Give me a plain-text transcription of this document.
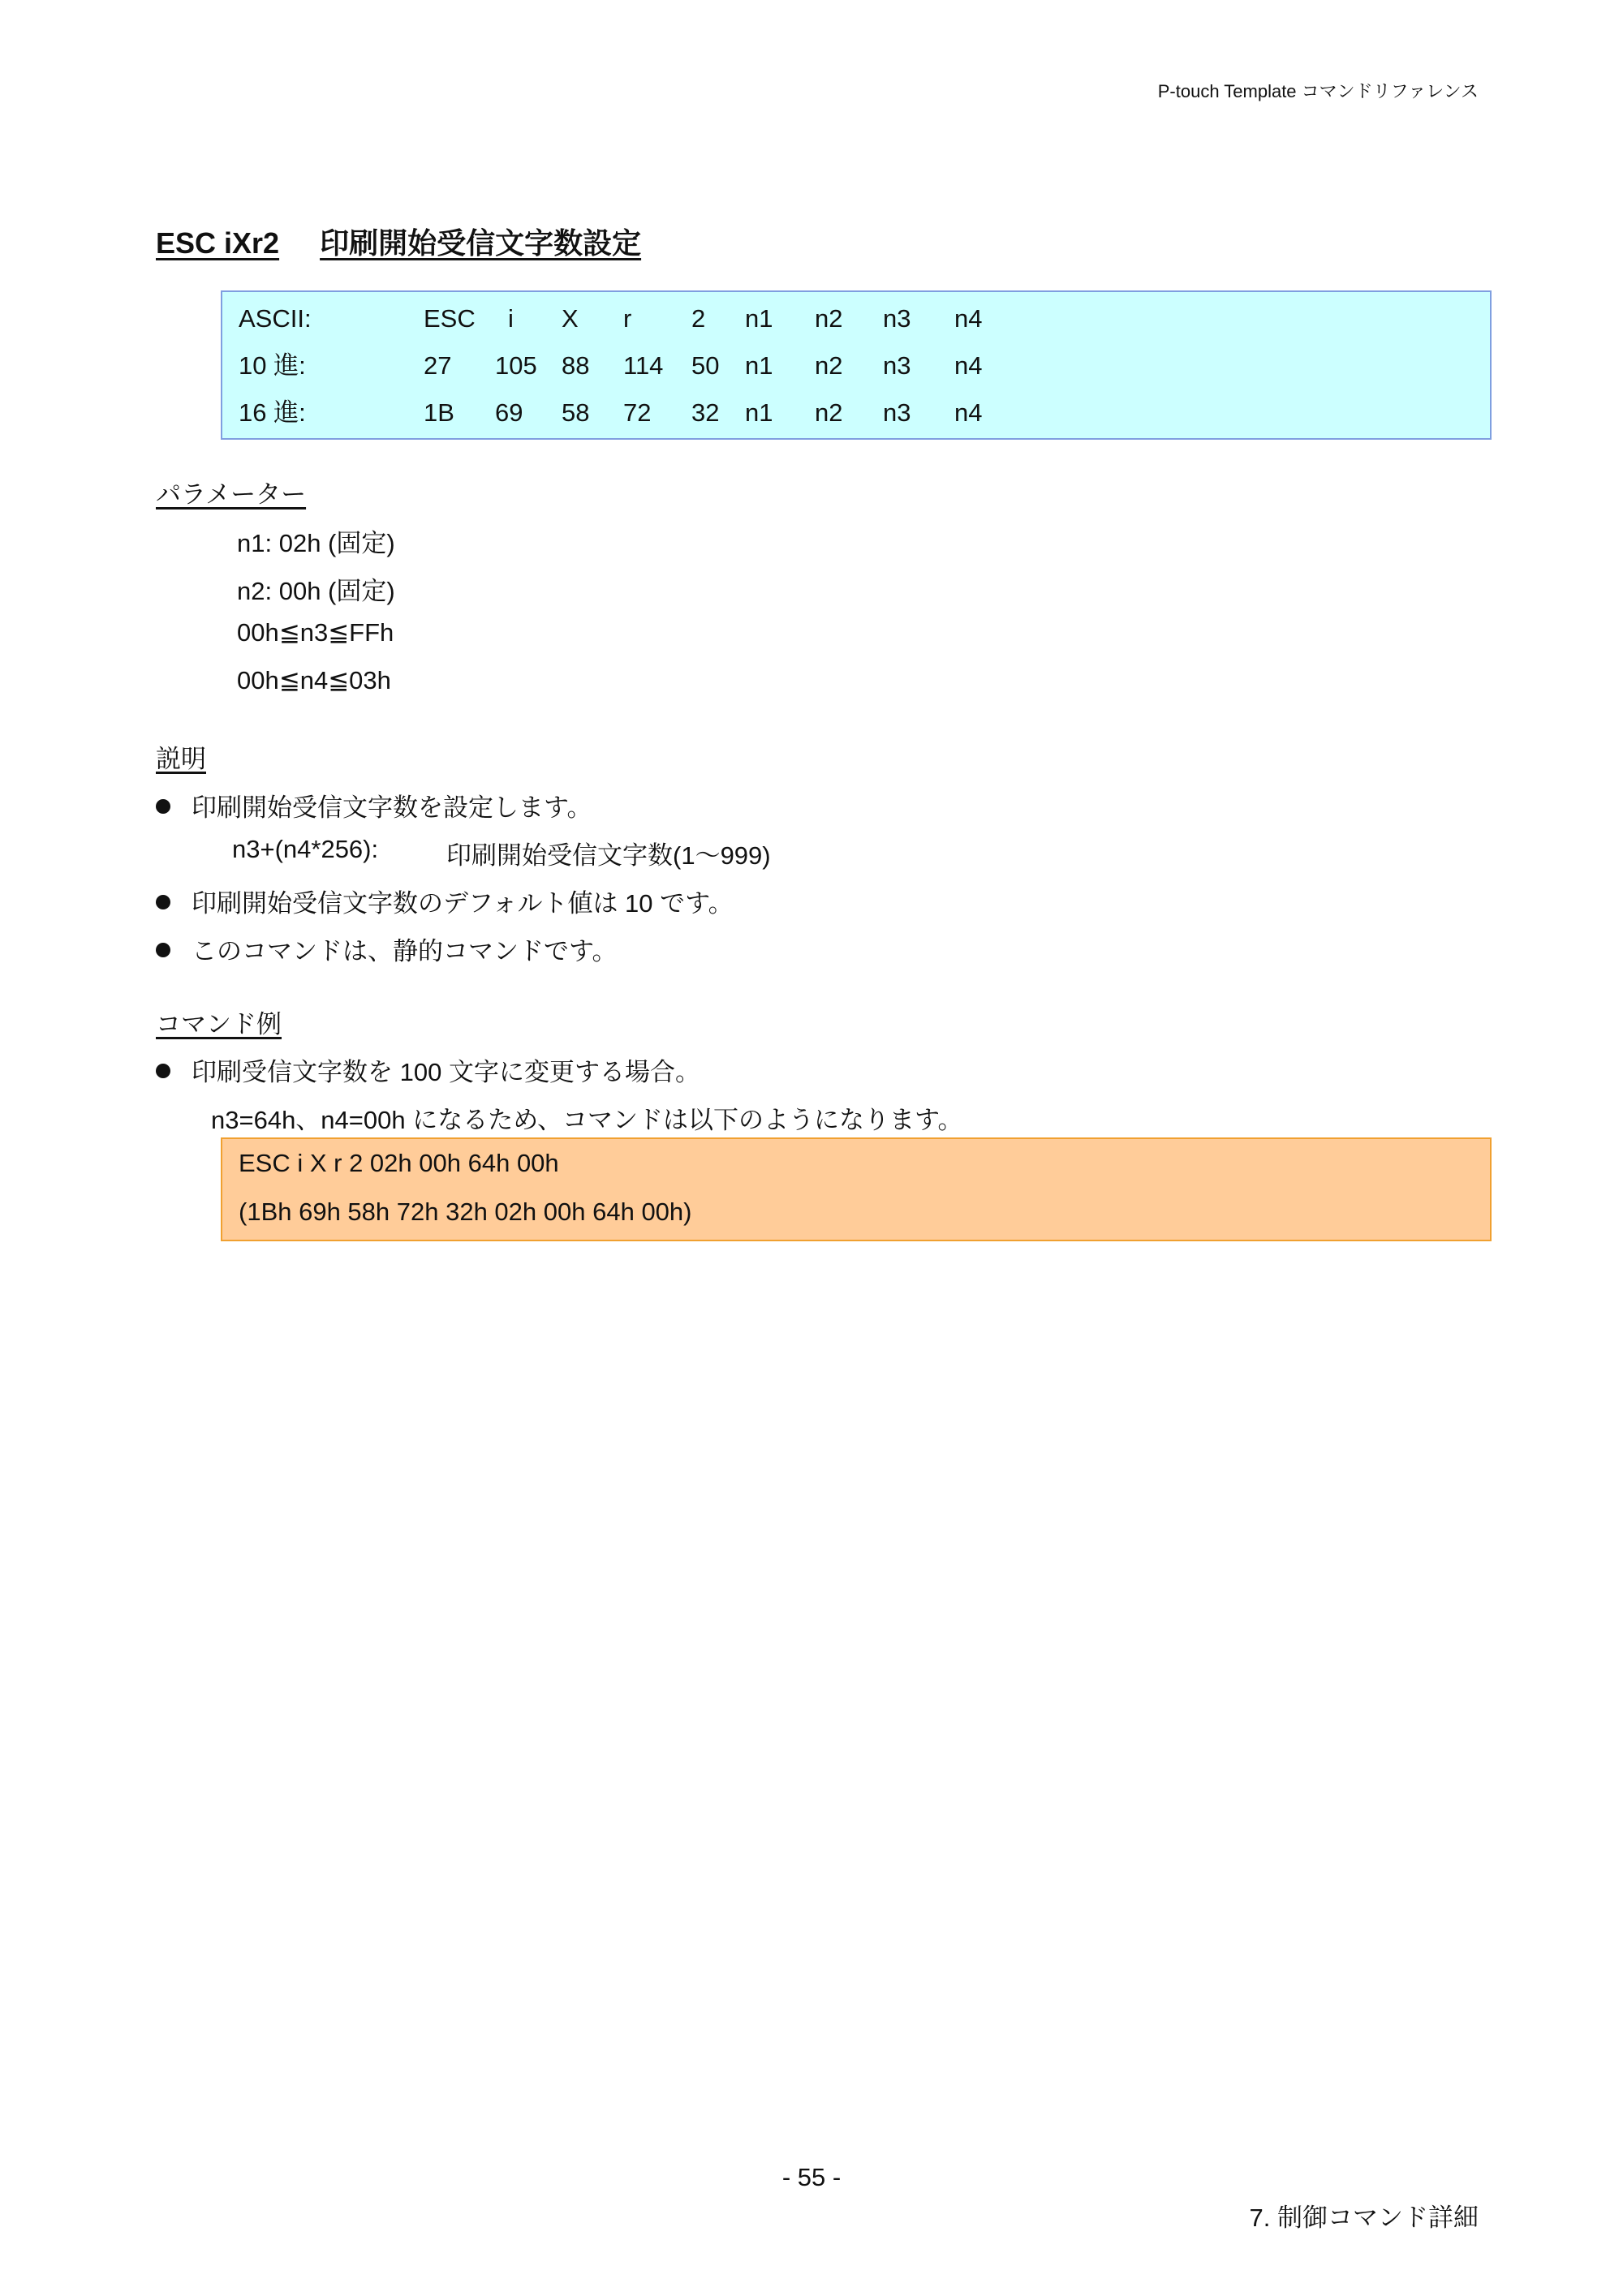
P-touch Template コマンドリファレンス
ESC iXr2 印刷開始受信文字数設定
ASCII:	ESC i X r 2 n1 n2 n3 n4
10 進:	27 105 88 114 50 n1 n2 n3 n4
16 進:	1B 69 58 72 32 n1 n2 n3 n4
パラメーター
n1: 02h (固定)
n2: 00h (固定)
00h≦n3≦FFh
00h≦n4≦03h
説明
印刷開始受信文字数を設定します。
n3+(n4*256):	印刷開始受信文字数(1～999)
印刷開始受信文字数のデフォルト値は 10 です。
このコマンドは、静的コマンドです。
コマンド例
印刷受信文字数を 100 文字に変更する場合。
n3=64h、n4=00h になるため、コマンドは以下のようになります。
ESC i X r 2 02h 00h 64h 00h
(1Bh 69h 58h 72h 32h 02h 00h 64h 00h)
- 55 -
7. 制御コマンド詳細
